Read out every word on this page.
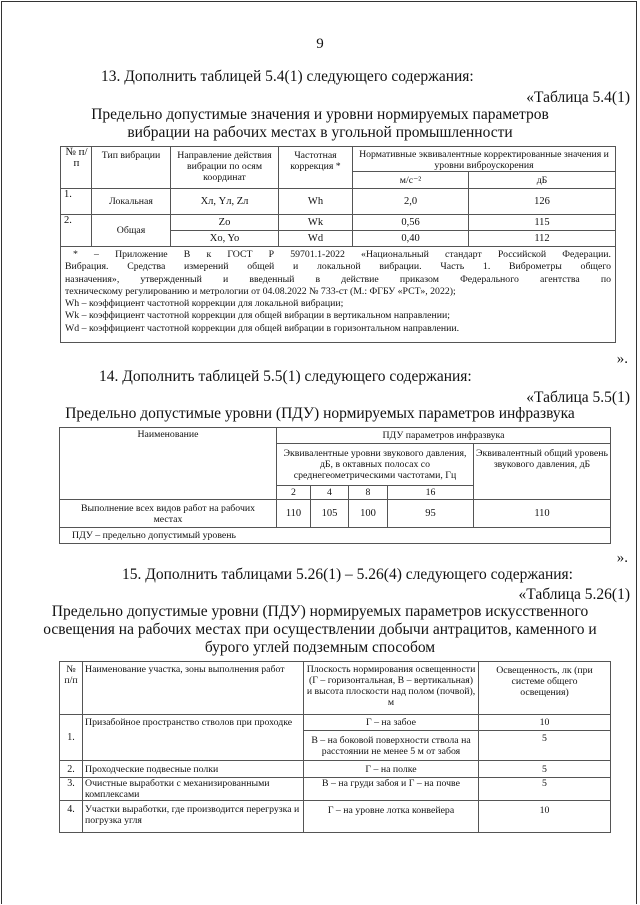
9
13. Дополнить таблицей 5.4(1) следующего содержания:
«Таблица 5.4(1)
Предельно допустимые значения и уровни нормируемых параметров
вибрации на рабочих местах в угольной промышленности
№ п/п	Тип вибрации	Направление действия вибрации по осям координат	Частотная коррекция *	Нормативные эквивалентные корректированные значения и уровни виброускорения	
				м/с⁻²	дБ
1.	Локальная	Хл, Yл, Zл	Wh	2,0	126
2.	Общая	Zo	Wk	0,56	115
		Xo, Yo	Wd	0,40	112

* – Приложение В к ГОСТ Р 59701.1-2022 «Национальный стандарт Российской Федерации.
Вибрация. Средства измерений общей и локальной вибрации. Часть 1. Виброметры общего
назначения», утвержденный и введенный в действие приказом Федерального агентства по
техническому регулированию и метрологии от 04.08.2022 № 733-ст (М.: ФГБУ «РСТ», 2022);
Wh – коэффициент частотной коррекции для локальной вибрации;
Wk – коэффициент частотной коррекции для общей вибрации в вертикальном направлении;
Wd – коэффициент частотной коррекции для общей вибрации в горизонтальном направлении.
».
14. Дополнить таблицей 5.5(1) следующего содержания:
«Таблица 5.5(1)
Предельно допустимые уровни (ПДУ) нормируемых параметров инфразвука
Наименование	ПДУ параметров инфразвука				
	Эквивалентные уровни звукового давления, дБ, в октавных полосах со среднегеометрическими частотами, Гц				Эквивалентный общий уровень звукового давления, дБ
	2	4	8	16	
Выполнение всех видов работ на рабочих местах	110	105	100	95	110
ПДУ – предельно допустимый уровень					
».
15. Дополнить таблицами 5.26(1) – 5.26(4) следующего содержания:
«Таблица 5.26(1)
Предельно допустимые уровни (ПДУ) нормируемых параметров искусственного
освещения на рабочих местах при осуществлении добычи антрацитов, каменного и
бурого углей подземным способом
№ п/п	Наименование участка, зоны выполнения работ	Плоскость нормирования освещенности (Г – горизонтальная, В – вертикальная) и высота плоскости над полом (почвой), м	Освещенность, лк (при системе общего освещения)
1.	Призабойное пространство стволов при проходке	Г – на забое	10
		В – на боковой поверхности ствола на расстоянии не менее 5 м от забоя	5
2.	Проходческие подвесные полки	Г – на полке	5
3.	Очистные выработки с механизированными комплексами	В – на груди забоя и Г – на почве	5
4.	Участки выработки, где производится перегрузка и погрузка угля	Г – на уровне лотка конвейера	10
